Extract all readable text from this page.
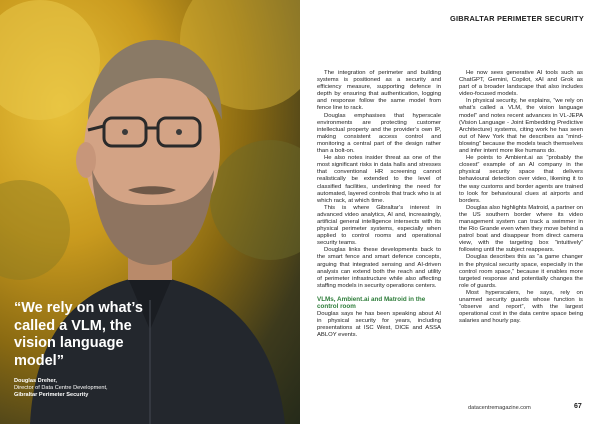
“We rely on what’s called a VLM, the vision language model”

Douglas Dreher,
Director of Data Centre Development,
Gibraltar Perimeter Security

GIBRALTAR PERIMETER SECURITY

The integration of perimeter and building systems is positioned as a security and efficiency measure, supporting defence in depth by ensuring that authentication, logging and response follow the same model from fence line to rack.

Douglas emphasises that hyperscale environments are protecting customer intellectual property and the provider’s own IP, making consistent access control and monitoring a central part of the design rather than a bolt-on.

He also notes insider threat as one of the most significant risks in data halls and stresses that conventional HR screening cannot realistically be extended to the level of classified facilities, underlining the need for automated, layered controls that track who is at which rack, at which time.

This is where Gibraltar’s interest in advanced video analytics, AI and, increasingly, artificial general intelligence intersects with its physical perimeter systems, especially when applied to control rooms and operational security teams.

Douglas links these developments back to the smart fence and smart defence concepts, arguing that integrated sensing and AI-driven analysis can extend both the reach and utility of perimeter infrastructure while also affecting staffing models in security operations centers.

VLMs, Ambient.ai and Matroid in the control room

Douglas says he has been speaking about AI in physical security for years, including presentations at ISC West, DICE and ASSA ABLOY events.

He now sees generative AI tools such as ChatGPT, Gemini, Copilot, xAI and Grok as part of a broader landscape that also includes video-focused models.

In physical security, he explains, “we rely on what’s called a VLM, the vision language model” and notes recent advances in VL-JEPA (Vision Language - Joint Embedding Predictive Architecture) systems, citing work he has seen out of New York that he describes as “mind-blowing” because the models teach themselves and infer intent more like humans do.

He points to Ambient.ai as “probably the closest” example of an AI company in the physical security space that delivers behavioural detection over video, likening it to the way customs and border agents are trained to look for behavioural clues at airports and borders.

Douglas also highlights Matroid, a partner on the US southern border where its video management system can track a swimmer in the Rio Grande even when they move behind a patrol boat and disappear from direct camera view, with the targeting box “intuitively” following until the subject reappears.

Douglas describes this as “a game changer in the physical security space, especially in the control room space,” because it enables more targeted response and potentially changes the role of guards.

Most hyperscalers, he says, rely on unarmed security guards whose function is “observe and report”, with the largest operational cost in the data centre space being salaries and hourly pay.

datacentremagazine.com	67
